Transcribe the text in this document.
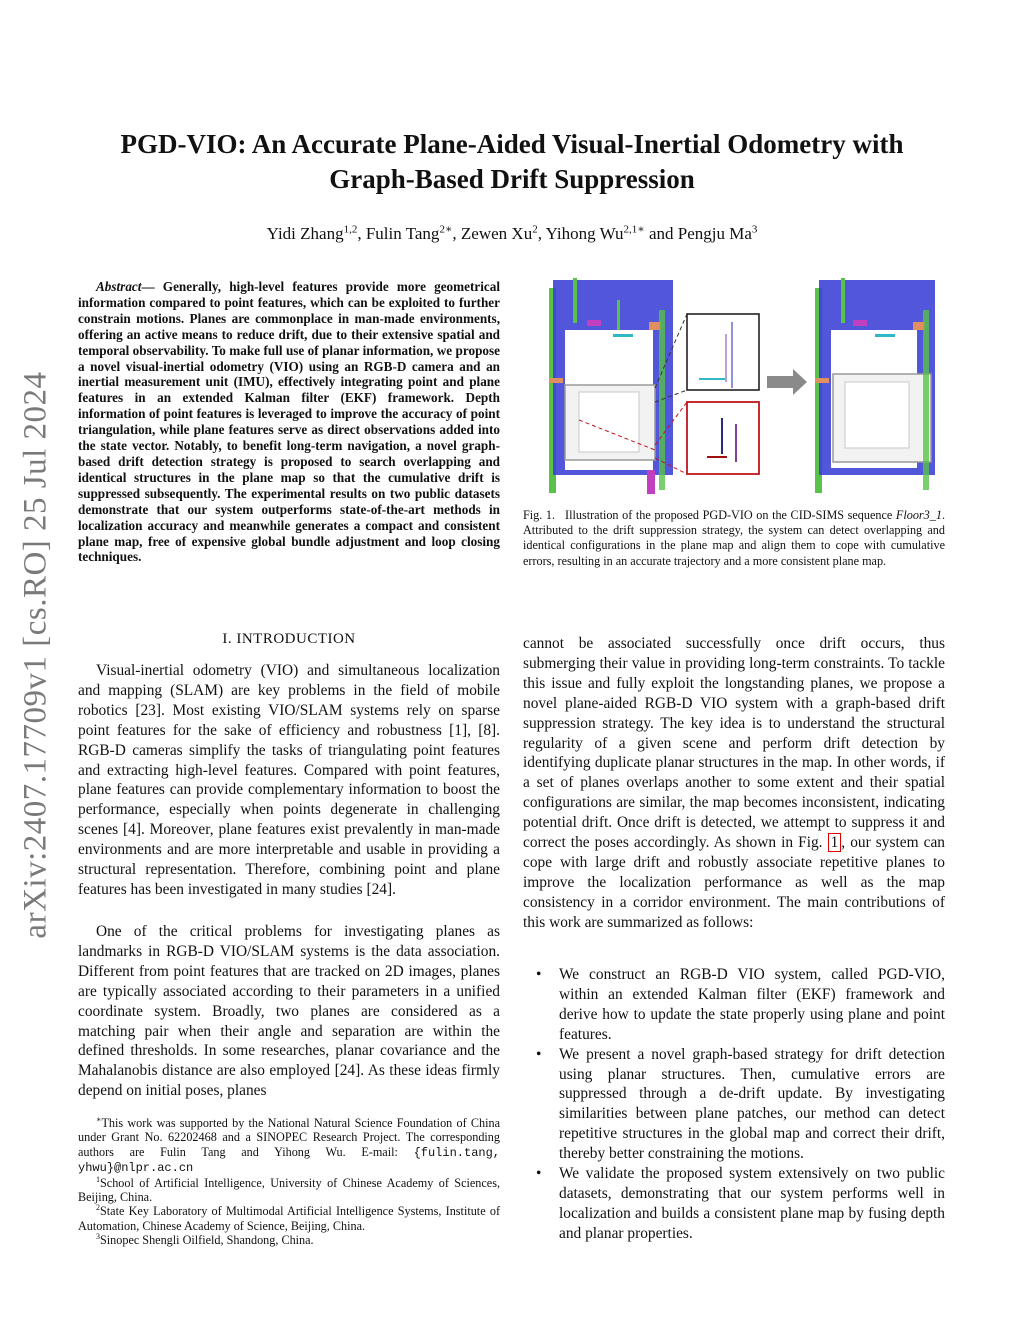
arXiv:2407.17709v1 [cs.RO] 25 Jul 2024
PGD-VIO: An Accurate Plane-Aided Visual-Inertial Odometry with
Graph-Based Drift Suppression
Yidi Zhang$^{1,2}$, Fulin Tang$^{2∗}$, Zewen Xu$^2$, Yihong $Wu^{2,1∗}$ and Pengju Ma$^3$

Abstract— Generally, high-level features provide more geometrical information compared to point features, which can be exploited to further constrain motions. Planes are commonplace in man-made environments, offering an active means to reduce drift, due to their extensive spatial and temporal observability. To make full use of planar information, we propose a novel visual-inertial odometry (VIO) using an RGB-D camera and an inertial measurement unit (IMU), effectively integrating point and plane features in an extended Kalman filter (EKF) framework. Depth information of point features is leveraged to improve the accuracy of point triangulation, while plane features serve as direct observations added into the state vector. Notably, to benefit long-term navigation, a novel graph-based drift detection strategy is proposed to search overlapping and identical structures in the plane map so that the cumulative drift is suppressed subsequently. The experimental results on two public datasets demonstrate that our system outperforms state-of-the-art methods in localization accuracy and meanwhile generates a compact and consistent plane map, free of expensive global bundle adjustment and loop closing techniques.

I. INTRODUCTION

Visual-inertial odometry (VIO) and simultaneous localization and mapping (SLAM) are key problems in the field of mobile robotics [23]. Most existing VIO/SLAM systems rely on sparse point features for the sake of efficiency and robustness [1], [8]. RGB-D cameras simplify the tasks of triangulating point features and extracting high-level features. Compared with point features, plane features can provide complementary information to boost the performance, especially when points degenerate in challenging scenes [4]. Moreover, plane features exist prevalently in man-made environments and are more interpretable and usable in providing a structural representation. Therefore, combining point and plane features has been investigated in many studies [24].

One of the critical problems for investigating planes as landmarks in RGB-D VIO/SLAM systems is the data association. Different from point features that are tracked on 2D images, planes are typically associated according to their parameters in a unified coordinate system. Broadly, two planes are considered as a matching pair when their angle and separation are within the defined thresholds. In some researches, planar covariance and the Mahalanobis distance are also employed [24]. As these ideas firmly depend on initial poses, planes

∗This work was supported by the National Natural Science Foundation of China under Grant No. 62202468 and a SINOPEC Research Project. The corresponding authors are Fulin Tang and Yihong Wu. E-mail: {fulin.tang, yhwu}@nlpr.ac.cn

$^1$School of Artificial Intelligence, University of Chinese Academy of Sciences, Beijing, China.

$^2$State Key Laboratory of Multimodal Artificial Intelligence Systems, Institute of Automation, Chinese Academy of Science, Beijing, China.

$^3$Sinopec Shengli Oilfield, Shandong, China.

Fig. 1. Illustration of the proposed PGD-VIO on the CID-SIMS sequence Floor3_1. Attributed to the drift suppression strategy, the system can detect overlapping and identical configurations in the plane map and align them to cope with cumulative errors, resulting in an accurate trajectory and a more consistent plane map.

cannot be associated successfully once drift occurs, thus submerging their value in providing long-term constraints. To tackle this issue and fully exploit the longstanding planes, we propose a novel plane-aided RGB-D VIO system with a graph-based drift suppression strategy. The key idea is to understand the structural regularity of a given scene and perform drift detection by identifying duplicate planar structures in the map. In other words, if a set of planes overlaps another to some extent and their spatial configurations are similar, the map becomes inconsistent, indicating potential drift. Once drift is detected, we attempt to suppress it and correct the poses accordingly. As shown in Fig. 1 , our system can cope with large drift and robustly associate repetitive planes to improve the localization performance as well as the map consistency in a corridor environment. The main contributions of this work are summarized as follows:

• We construct an RGB-D VIO system, called PGD-VIO, within an extended Kalman filter (EKF) framework and derive how to update the state properly using plane and point features.
• We present a novel graph-based strategy for drift detection using planar structures. Then, cumulative errors are suppressed through a de-drift update. By investigating similarities between plane patches, our method can detect repetitive structures in the global map and correct their drift, thereby better constraining the motions.
• We validate the proposed system extensively on two public datasets, demonstrating that our system performs well in localization and builds a consistent plane map by fusing depth and planar properties.
